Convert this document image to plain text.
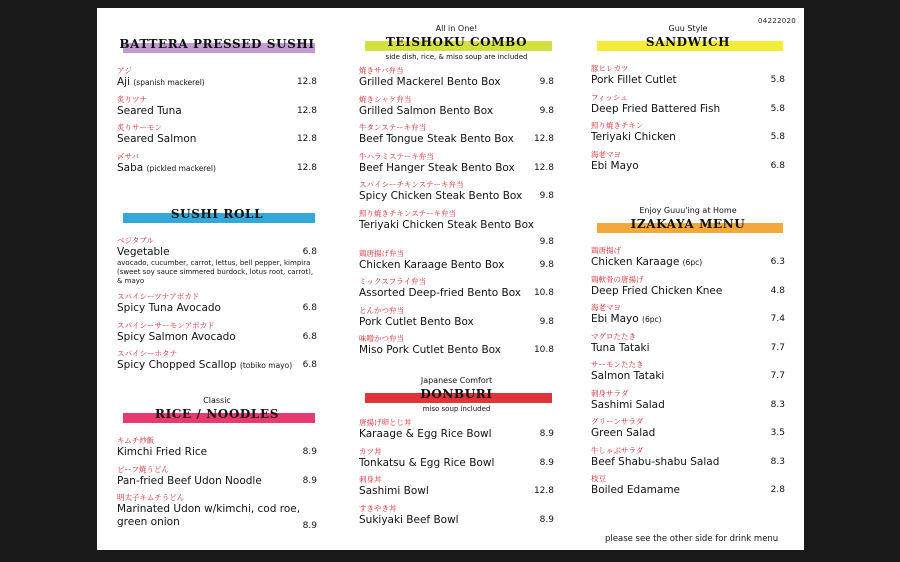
04222020
BATTERA PRESSED SUSHI
アジ
Aji (spanish mackerel)	12.8
炙りツナ
Seared Tuna	12.8
炙りサーモン
Seared Salmon	12.8
〆サバ
Saba (pickled mackerel)	12.8
SUSHI ROLL
ベジタブル
Vegetable	6.8
avocado, cucumber, carrot, lettus, bell pepper, kimpira (sweet soy sauce simmered burdock, lotus root, carrot), & mayo
スパイシーツナアボカド
Spicy Tuna Avocado	6.8
スパイシーサーモンアボカド
Spicy Salmon Avocado	6.8
スパイシーホタテ
Spicy Chopped Scallop (tobiko mayo)	6.8
Classic
RICE / NOODLES
キムチ炒飯
Kimchi Fried Rice	8.9
ビーフ焼うどん
Pan-fried Beef Udon Noodle	8.9
明太子キムチうどん
Marinated Udon w/kimchi, cod roe, green onion	8.9
All in One!
TEISHOKU COMBO
side dish, rice, & miso soup are included
焼きサバ弁当
Grilled Mackerel Bento Box	9.8
焼きシャケ弁当
Grilled Salmon Bento Box	9.8
牛タンステーキ弁当
Beef Tongue Steak Bento Box	12.8
牛ハラミステーキ弁当
Beef Hanger Steak Bento Box	12.8
スパイシーチキンステーキ弁当
Spicy Chicken Steak Bento Box	9.8
照り焼きチキンステーキ弁当
Teriyaki Chicken Steak Bento Box
9.8
鶏唐揚げ弁当
Chicken Karaage Bento Box	9.8
ミックスフライ弁当
Assorted Deep-fried Bento Box	10.8
とんかつ弁当
Pork Cutlet Bento Box	9.8
味噌かつ弁当
Miso Pork Cutlet Bento Box	10.8
Japanese Comfort
DONBURI
miso soup included
唐揚げ卵とじ丼
Karaage & Egg Rice Bowl	8.9
カツ丼
Tonkatsu & Egg Rice Bowl	8.9
刺身丼
Sashimi Bowl	12.8
すきやき丼
Sukiyaki Beef Bowl	8.9
Guu Style
SANDWICH
豚ヒレカツ
Pork Fillet Cutlet	5.8
フィッシュ
Deep Fried Battered Fish	5.8
照り焼きチキン
Teriyaki Chicken	5.8
海老マヨ
Ebi Mayo	6.8
Enjoy Guuu'ing at Home
IZAKAYA MENU
鶏唐揚げ
Chicken Karaage (6pc)	6.3
鶏軟骨の唐揚げ
Deep Fried Chicken Knee	4.8
海老マヨ
Ebi Mayo (6pc)	7.4
マグロたたき
Tuna Tataki	7.7
サーモンたたき
Salmon Tataki	7.7
刺身サラダ
Sashimi Salad	8.3
グリーンサラダ
Green Salad	3.5
牛しゃぶサラダ
Beef Shabu-shabu Salad	8.3
枝豆
Boiled Edamame	2.8
please see the other side for drink menu
